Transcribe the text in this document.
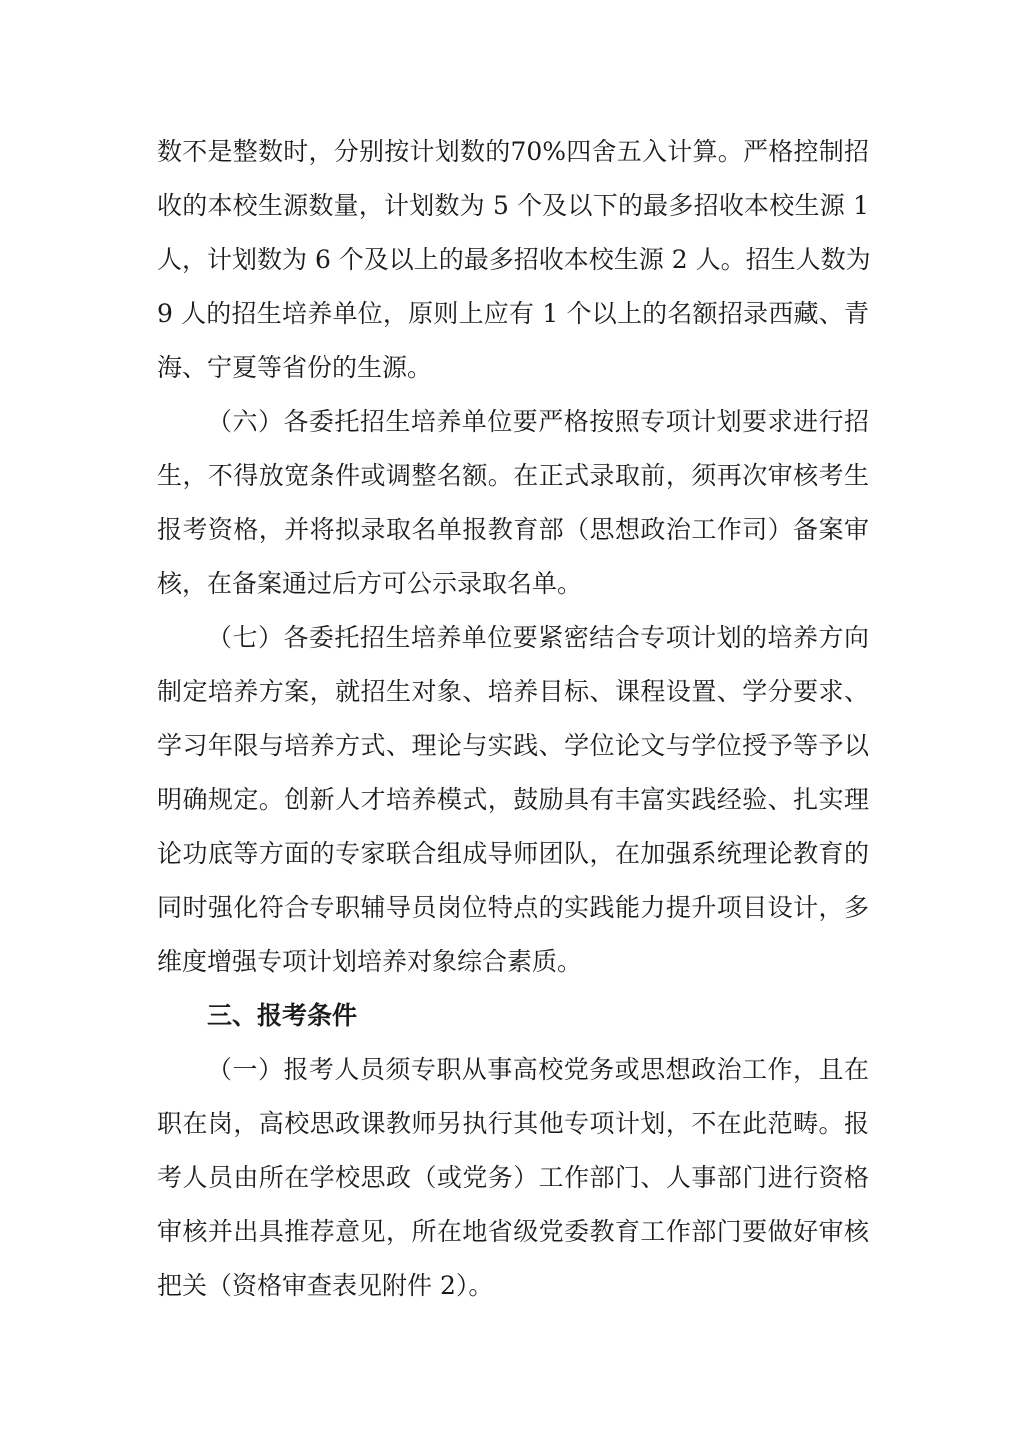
数不是整数时，分别按计划数的70%四舍五入计算。严格控制招
收的本校生源数量，计划数为 5 个及以下的最多招收本校生源 1
人，计划数为 6 个及以上的最多招收本校生源 2 人。招生人数为
9 人的招生培养单位，原则上应有 1 个以上的名额招录西藏、青
海、宁夏等省份的生源。
（六）各委托招生培养单位要严格按照专项计划要求进行招
生，不得放宽条件或调整名额。在正式录取前，须再次审核考生
报考资格，并将拟录取名单报教育部（思想政治工作司）备案审
核，在备案通过后方可公示录取名单。
（七）各委托招生培养单位要紧密结合专项计划的培养方向
制定培养方案，就招生对象、培养目标、课程设置、学分要求、
学习年限与培养方式、理论与实践、学位论文与学位授予等予以
明确规定。创新人才培养模式，鼓励具有丰富实践经验、扎实理
论功底等方面的专家联合组成导师团队，在加强系统理论教育的
同时强化符合专职辅导员岗位特点的实践能力提升项目设计，多
维度增强专项计划培养对象综合素质。
三、报考条件
（一）报考人员须专职从事高校党务或思想政治工作，且在
职在岗，高校思政课教师另执行其他专项计划，不在此范畴。报
考人员由所在学校思政（或党务）工作部门、人事部门进行资格
审核并出具推荐意见，所在地省级党委教育工作部门要做好审核
把关（资格审查表见附件 2）。
